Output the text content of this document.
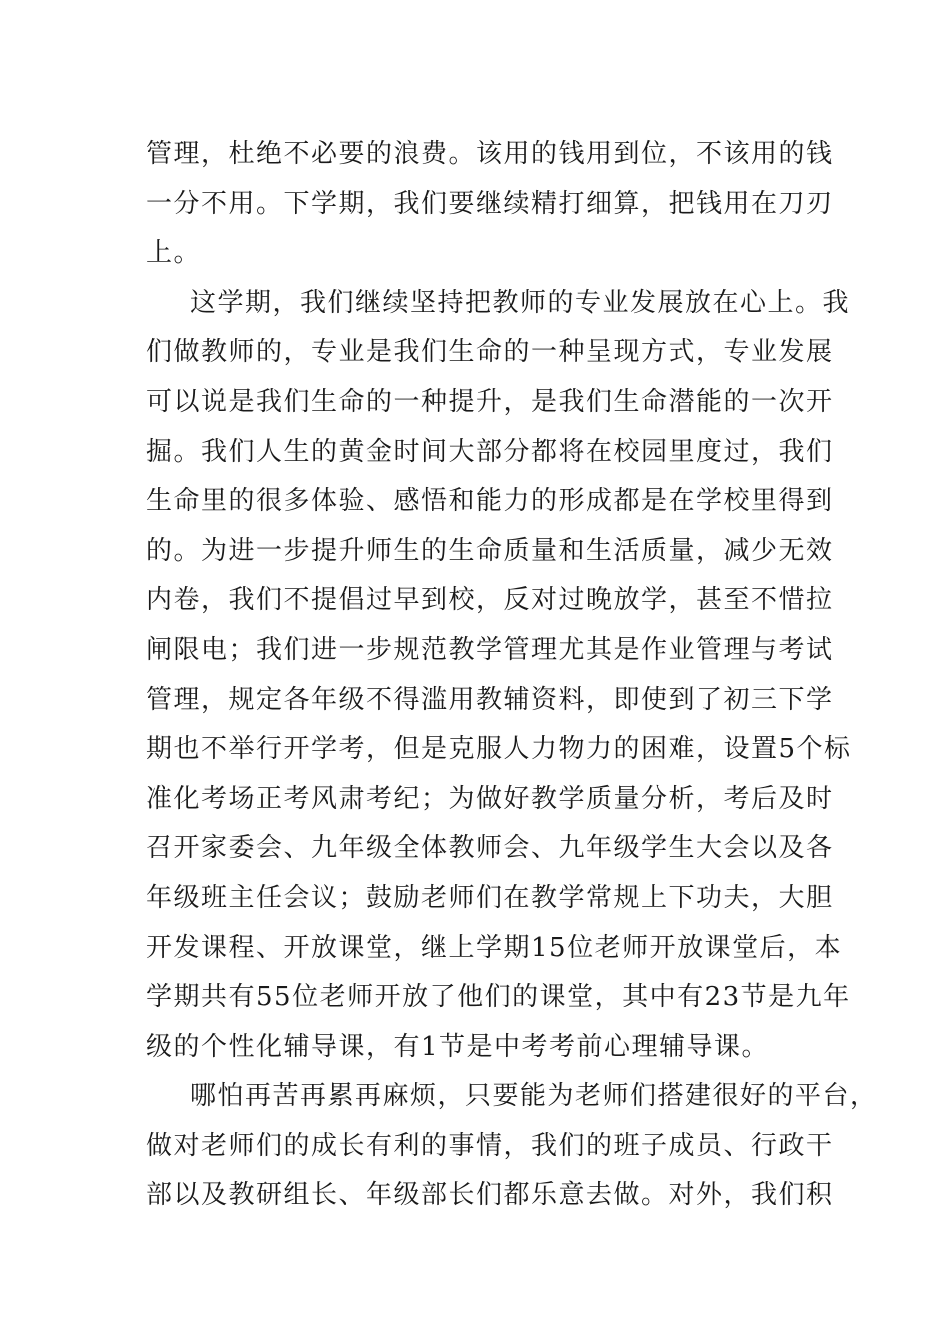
管理，杜绝不必要的浪费。该用的钱用到位，不该用的钱
一分不用。下学期，我们要继续精打细算，把钱用在刀刃
上。
这学期，我们继续坚持把教师的专业发展放在心上。我
们做教师的，专业是我们生命的一种呈现方式，专业发展
可以说是我们生命的一种提升，是我们生命潜能的一次开
掘。我们人生的黄金时间大部分都将在校园里度过，我们
生命里的很多体验、感悟和能力的形成都是在学校里得到
的。为进一步提升师生的生命质量和生活质量，减少无效
内卷，我们不提倡过早到校，反对过晚放学，甚至不惜拉
闸限电；我们进一步规范教学管理尤其是作业管理与考试
管理，规定各年级不得滥用教辅资料，即使到了初三下学
期也不举行开学考，但是克服人力物力的困难，设置5个标
准化考场正考风肃考纪；为做好教学质量分析，考后及时
召开家委会、九年级全体教师会、九年级学生大会以及各
年级班主任会议；鼓励老师们在教学常规上下功夫，大胆
开发课程、开放课堂，继上学期15位老师开放课堂后，本
学期共有55位老师开放了他们的课堂，其中有23节是九年
级的个性化辅导课，有1节是中考考前心理辅导课。
哪怕再苦再累再麻烦，只要能为老师们搭建很好的平台，
做对老师们的成长有利的事情，我们的班子成员、行政干
部以及教研组长、年级部长们都乐意去做。对外，我们积
